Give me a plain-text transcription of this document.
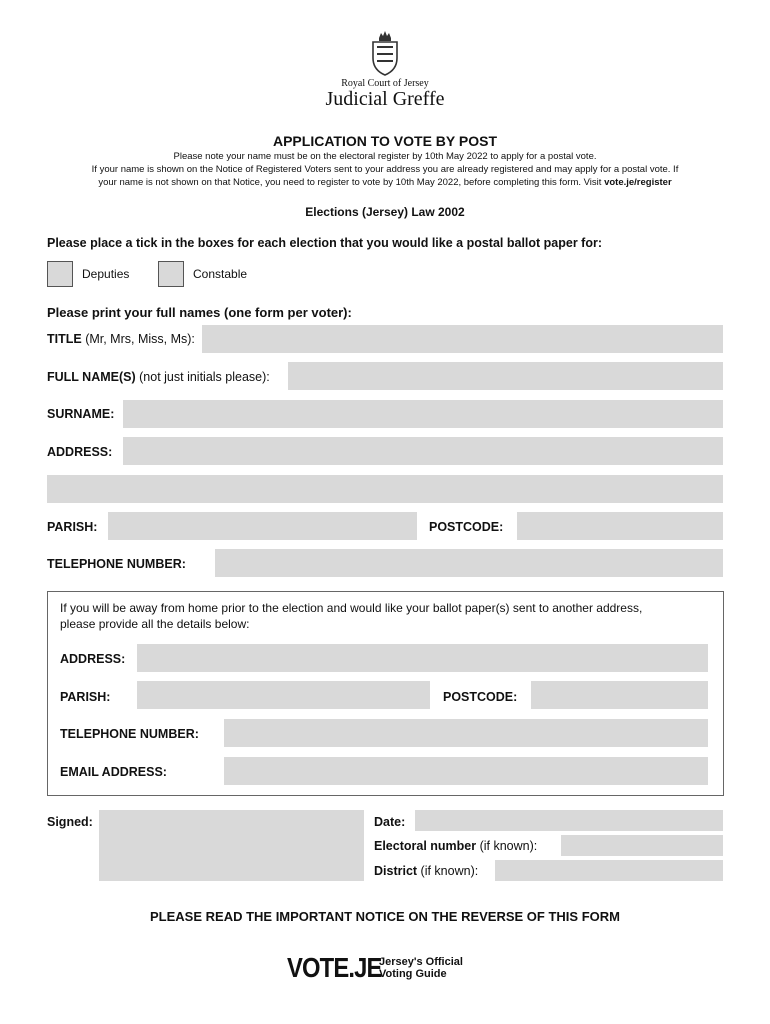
Royal Court of Jersey
Judicial Greffe
APPLICATION TO VOTE BY POST
Please note your name must be on the electoral register by 10th May 2022 to apply for a postal vote.
If your name is shown on the Notice of Registered Voters sent to your address you are already registered and may apply for a postal vote. If
your name is not shown on that Notice, you need to register to vote by 10th May 2022, before completing this form. Visit vote.je/register
Elections (Jersey) Law 2002
Please place a tick in the boxes for each election that you would like a postal ballot paper for:
Deputies	Constable
Please print your full names (one form per voter):
TITLE (Mr, Mrs, Miss, Ms):
FULL NAME(S) (not just initials please):
SURNAME:
ADDRESS:
PARISH:	POSTCODE:
TELEPHONE NUMBER:
If you will be away from home prior to the election and would like your ballot paper(s) sent to another address,
please provide all the details below:
ADDRESS:
PARISH:	POSTCODE:
TELEPHONE NUMBER:
EMAIL ADDRESS:
Signed:	Date:
Electoral number (if known):
District (if known):
PLEASE READ THE IMPORTANT NOTICE ON THE REVERSE OF THIS FORM
VOTE.JE
Jersey's Official
Voting Guide
